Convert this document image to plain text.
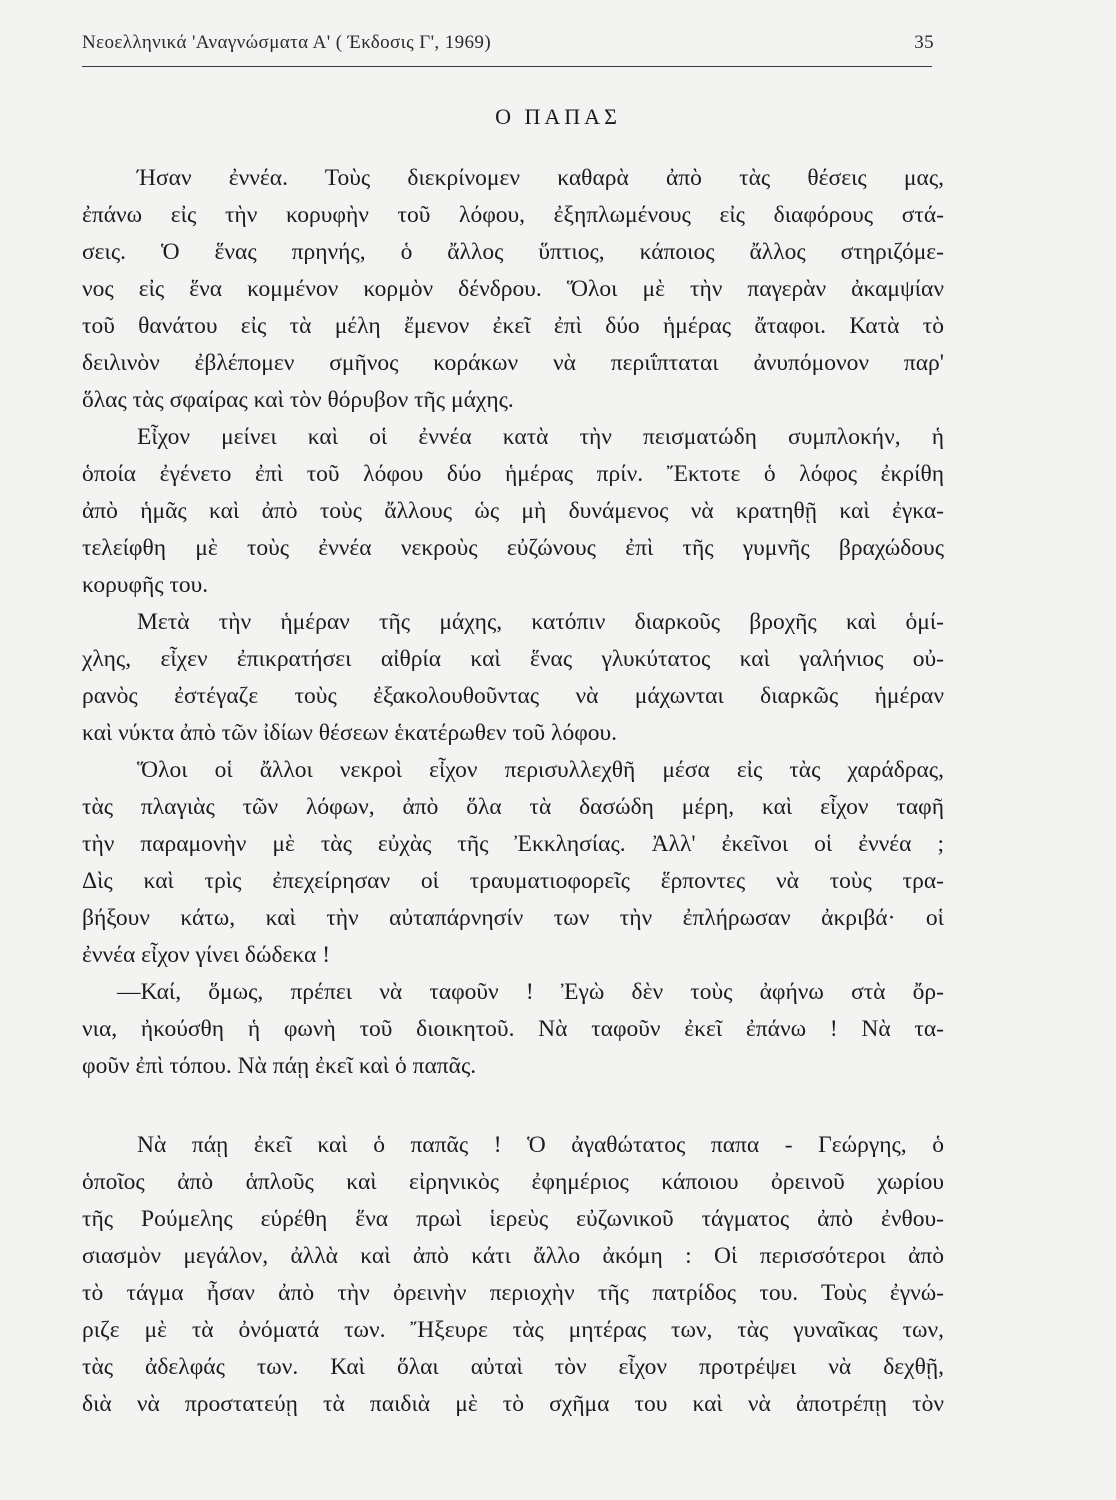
Νεοελληνικά 'Αναγνώσματα Α' ( Έκδοσις Γ', 1969)	35
Ο ΠΑΠΑΣ
Ήσαν ἐννέα. Τοὺς διεκρίνομεν καθαρὰ ἀπὸ τὰς θέσεις μας,
ἐπάνω εἰς τὴν κορυφὴν τοῦ λόφου, ἐξηπλωμένους εἰς διαφόρους στά-
σεις. Ὁ ἕνας πρηνής, ὁ ἄλλος ὕπτιος, κάποιος ἄλλος στηριζόμε-
νος εἰς ἕνα κομμένον κορμὸν δένδρου. Ὅλοι μὲ τὴν παγερὰν ἀκαμψίαν
τοῦ θανάτου εἰς τὰ μέλη ἔμενον ἐκεῖ ἐπὶ δύο ἡμέρας ἄταφοι. Κατὰ τὸ
δειλινὸν ἐβλέπομεν σμῆνος κοράκων νὰ περιΐπταται ἀνυπόμονον παρ'
ὅλας τὰς σφαίρας καὶ τὸν θόρυβον τῆς μάχης.
Εἶχον μείνει καὶ οἱ ἐννέα κατὰ τὴν πεισματώδη συμπλοκήν, ἡ
ὁποία ἐγένετο ἐπὶ τοῦ λόφου δύο ἡμέρας πρίν. Ἔκτοτε ὁ λόφος ἐκρίθη
ἀπὸ ἡμᾶς καὶ ἀπὸ τοὺς ἄλλους ὡς μὴ δυνάμενος νὰ κρατηθῇ καὶ ἐγκα-
τελείφθη μὲ τοὺς ἐννέα νεκροὺς εὐζώνους ἐπὶ τῆς γυμνῆς βραχώδους
κορυφῆς του.
Μετὰ τὴν ἡμέραν τῆς μάχης, κατόπιν διαρκοῦς βροχῆς καὶ ὁμί-
χλης, εἶχεν ἐπικρατήσει αἰθρία καὶ ἕνας γλυκύτατος καὶ γαλήνιος οὐ-
ρανὸς ἐστέγαζε τοὺς ἐξακολουθοῦντας νὰ μάχωνται διαρκῶς ἡμέραν
καὶ νύκτα ἀπὸ τῶν ἰδίων θέσεων ἑκατέρωθεν τοῦ λόφου.
Ὅλοι οἱ ἄλλοι νεκροὶ εἶχον περισυλλεχθῆ μέσα εἰς τὰς χαράδρας,
τὰς πλαγιὰς τῶν λόφων, ἀπὸ ὅλα τὰ δασώδη μέρη, καὶ εἶχον ταφῆ
τὴν παραμονὴν μὲ τὰς εὐχὰς τῆς Ἐκκλησίας. Ἀλλ' ἐκεῖνοι οἱ ἐννέα ;
Δὶς καὶ τρὶς ἐπεχείρησαν οἱ τραυματιοφορεῖς ἕρποντες νὰ τοὺς τρα-
βήξουν κάτω, καὶ τὴν αὐταπάρνησίν των τὴν ἐπλήρωσαν ἀκριβά· οἱ
ἐννέα εἶχον γίνει δώδεκα !
—Καί, ὅμως, πρέπει νὰ ταφοῦν ! Ἐγὼ δὲν τοὺς ἀφήνω στὰ ὄρ-
νια, ἠκούσθη ἡ φωνὴ τοῦ διοικητοῦ. Νὰ ταφοῦν ἐκεῖ ἐπάνω ! Νὰ τα-
φοῦν ἐπὶ τόπου. Νὰ πάῃ ἐκεῖ καὶ ὁ παπᾶς.
Νὰ πάῃ ἐκεῖ καὶ ὁ παπᾶς ! Ὁ ἀγαθώτατος παπα - Γεώργης, ὁ
ὁποῖος ἀπὸ ἁπλοῦς καὶ εἰρηνικὸς ἐφημέριος κάποιου ὀρεινοῦ χωρίου
τῆς Ρούμελης εὑρέθη ἕνα πρωὶ ἱερεὺς εὐζωνικοῦ τάγματος ἀπὸ ἐνθου-
σιασμὸν μεγάλον, ἀλλὰ καὶ ἀπὸ κάτι ἄλλο ἀκόμη : Οἱ περισσότεροι ἀπὸ
τὸ τάγμα ἦσαν ἀπὸ τὴν ὀρεινὴν περιοχὴν τῆς πατρίδος του. Τοὺς ἐγνώ-
ριζε μὲ τὰ ὀνόματά των. Ἤξευρε τὰς μητέρας των, τὰς γυναῖκας των,
τὰς ἀδελφάς των. Καὶ ὅλαι αὐταὶ τὸν εἶχον προτρέψει νὰ δεχθῇ,
διὰ νὰ προστατεύῃ τὰ παιδιὰ μὲ τὸ σχῆμα του καὶ νὰ ἀποτρέπῃ τὸν
